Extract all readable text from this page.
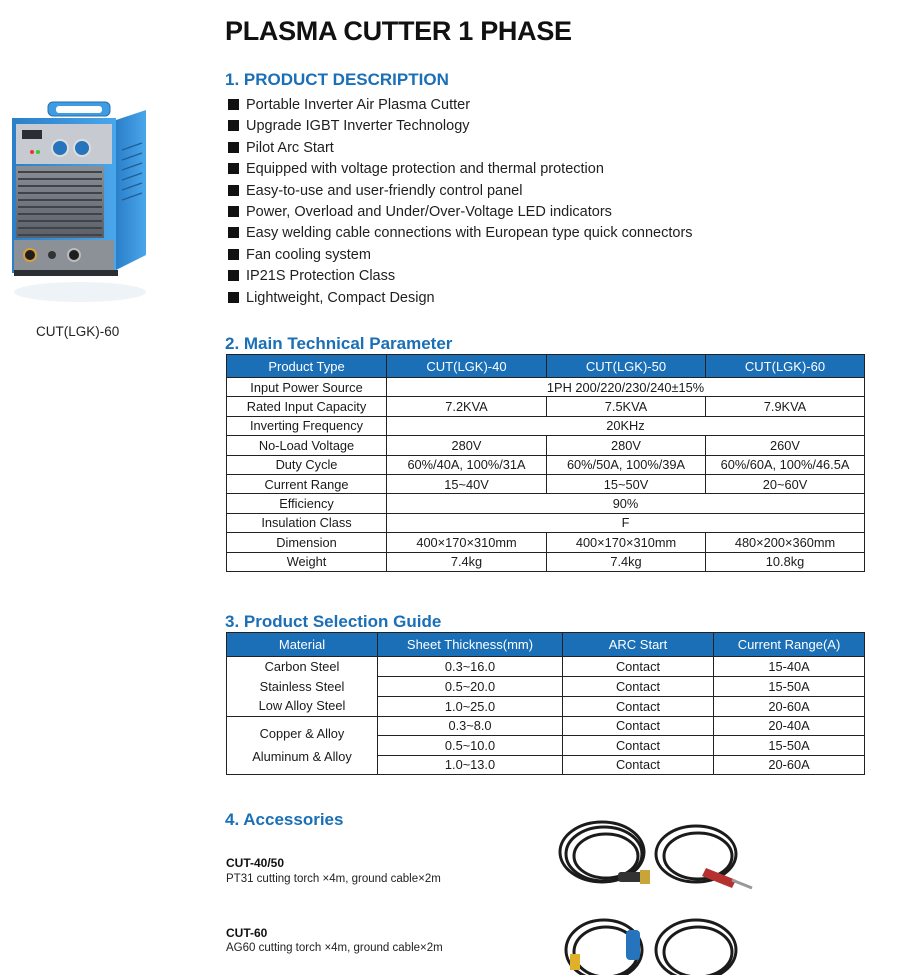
PLASMA CUTTER 1 PHASE
CUT(LGK)-60
1. PRODUCT DESCRIPTION
Portable Inverter Air Plasma Cutter
Upgrade IGBT Inverter Technology
Pilot Arc Start
Equipped with voltage protection and thermal protection
Easy-to-use and user-friendly control panel
Power, Overload and Under/Over-Voltage LED indicators
Easy welding cable connections with European type quick connectors
Fan cooling system
IP21S Protection Class
Lightweight, Compact Design
2. Main Technical Parameter
Product Type	CUT(LGK)-40	CUT(LGK)-50	CUT(LGK)-60
Input Power Source	1PH 200/220/230/240±15%		
Rated Input Capacity	7.2KVA	7.5KVA	7.9KVA
Inverting Frequency	20KHz		
No-Load Voltage	280V	280V	260V
Duty Cycle	60%/40A, 100%/31A	60%/50A, 100%/39A	60%/60A, 100%/46.5A
Current Range	15~40V	15~50V	20~60V
Efficiency	90%		
Insulation Class	F		
Dimension	400×170×310mm	400×170×310mm	480×200×360mm
Weight	7.4kg	7.4kg	10.8kg
3. Product Selection Guide
Material	Sheet Thickness(mm)	ARC Start	Current Range(A)

Carbon Steel
Stainless Steel
Low Alloy Steel	0.3~16.0	Contact	15-40A
	0.5~20.0	Contact	15-50A
	1.0~25.0	Contact	20-60A

Copper & Alloy
Aluminum & Alloy	0.3~8.0	Contact	20-40A
	0.5~10.0	Contact	15-50A
	1.0~13.0	Contact	20-60A
4. Accessories
CUT-40/50
PT31 cutting torch ×4m, ground cable×2m
CUT-60
AG60 cutting torch ×4m, ground cable×2m
